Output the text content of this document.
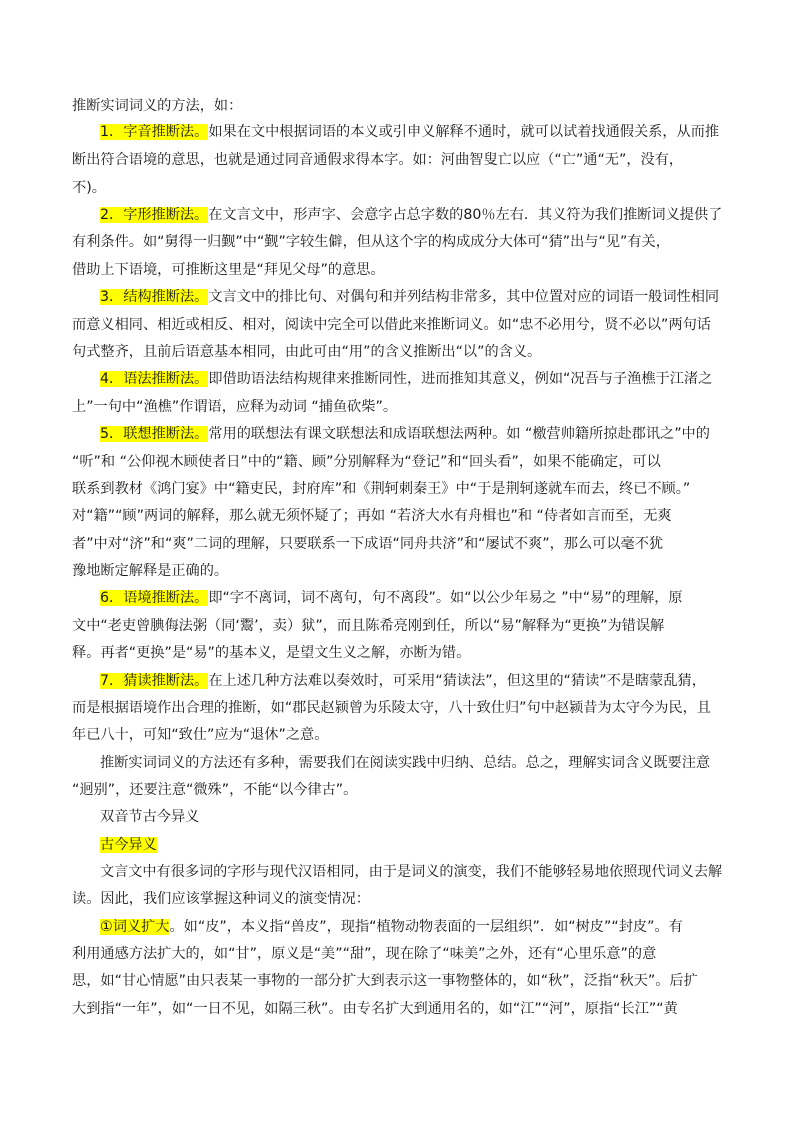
推断实词词义的方法，如：
1．字音推断法。如果在文中根据词语的本义或引申义解释不通时，就可以试着找通假关系，从而推
断出符合语境的意思，也就是通过同音通假求得本字。如：河曲智叟亡以应（“亡”通“无”，没有，
不)。
2．字形推断法。在文言文中，形声字、会意字占总字数的80％左右．其义符为我们推断词义提供了
有利条件。如“舅得一归觐”中“觐”字较生僻，但从这个字的构成成分大体可“猜”出与“见”有关，
借助上下语境，可推断这里是“拜见父母”的意思。
3．结构推断法。文言文中的排比句、对偶句和并列结构非常多，其中位置对应的词语一般词性相同
而意义相同、相近或相反、相对，阅读中完全可以借此来推断词义。如“忠不必用兮，贤不必以”两句话
句式整齐，且前后语意基本相同，由此可由“用”的含义推断出“以”的含义。
4．语法推断法。即借助语法结构规律来推断同性，进而推知其意义，例如“况吾与子渔樵于江渚之
上”一句中“渔樵”作谓语，应释为动词 “捕鱼砍柴”。
5．联想推断法。常用的联想法有课文联想法和成语联想法两种。如 “檄营帅籍所掠赴郡讯之”中的
“听”和 “公仰视木顾使者日”中的“籍、顾”分别解释为“登记”和“回头看”，如果不能确定，可以
联系到教材《鸿门宴》中“籍吏民，封府库”和《荆轲刺秦王》中“于是荆轲遂就车而去，终已不顾。”
对“籍”“顾”两词的解释，那么就无须怀疑了；再如 “若济大水有舟楫也”和 “侍者如言而至，无爽
者”中对“济”和“爽”二词的理解，只要联系一下成语“同舟共济”和“屡试不爽”，那么可以毫不犹
豫地断定解释是正确的。
6．语境推断法。即“字不离词，词不离句，句不离段”。如“以公少年易之 ”中“易”的理解，原
文中“老吏曾腆侮法粥（同‘鬻’，卖）狱”，而且陈希亮刚到任，所以“易”解释为“更换”为错误解
释。再者“更换”是“易”的基本义，是望文生义之解，亦断为错。
7．猜读推断法。在上述几种方法难以奏效时，可采用“猜读法”，但这里的“猜读”不是瞎蒙乱猜，
而是根据语境作出合理的推断，如“郡民赵颍曾为乐陵太守，八十致仕归”句中赵颍昔为太守今为民，且
年已八十，可知“致仕”应为“退休”之意。
推断实词词义的方法还有多种，需要我们在阅读实践中归纳、总结。总之，理解实词含义既要注意
“迥别”，还要注意“微殊”，不能“以今律古”。
双音节古今异义
古今异义
文言文中有很多词的字形与现代汉语相同，由于是词义的演变，我们不能够轻易地依照现代词义去解
读。因此，我们应该掌握这种词义的演变情况：
①词义扩大。如“皮”，本义指“兽皮”，现指“植物动物表面的一层组织”．如“树皮”“封皮”。有
利用通感方法扩大的，如“甘”，原义是“美”“甜”，现在除了“味美”之外，还有“心里乐意”的意
思，如“甘心情愿”由只表某一事物的一部分扩大到表示这一事物整体的，如“秋”，泛指“秋天”。后扩
大到指“一年”，如“一日不见，如隔三秋”。由专名扩大到通用名的，如“江”“河”，原指“长江”“黄
